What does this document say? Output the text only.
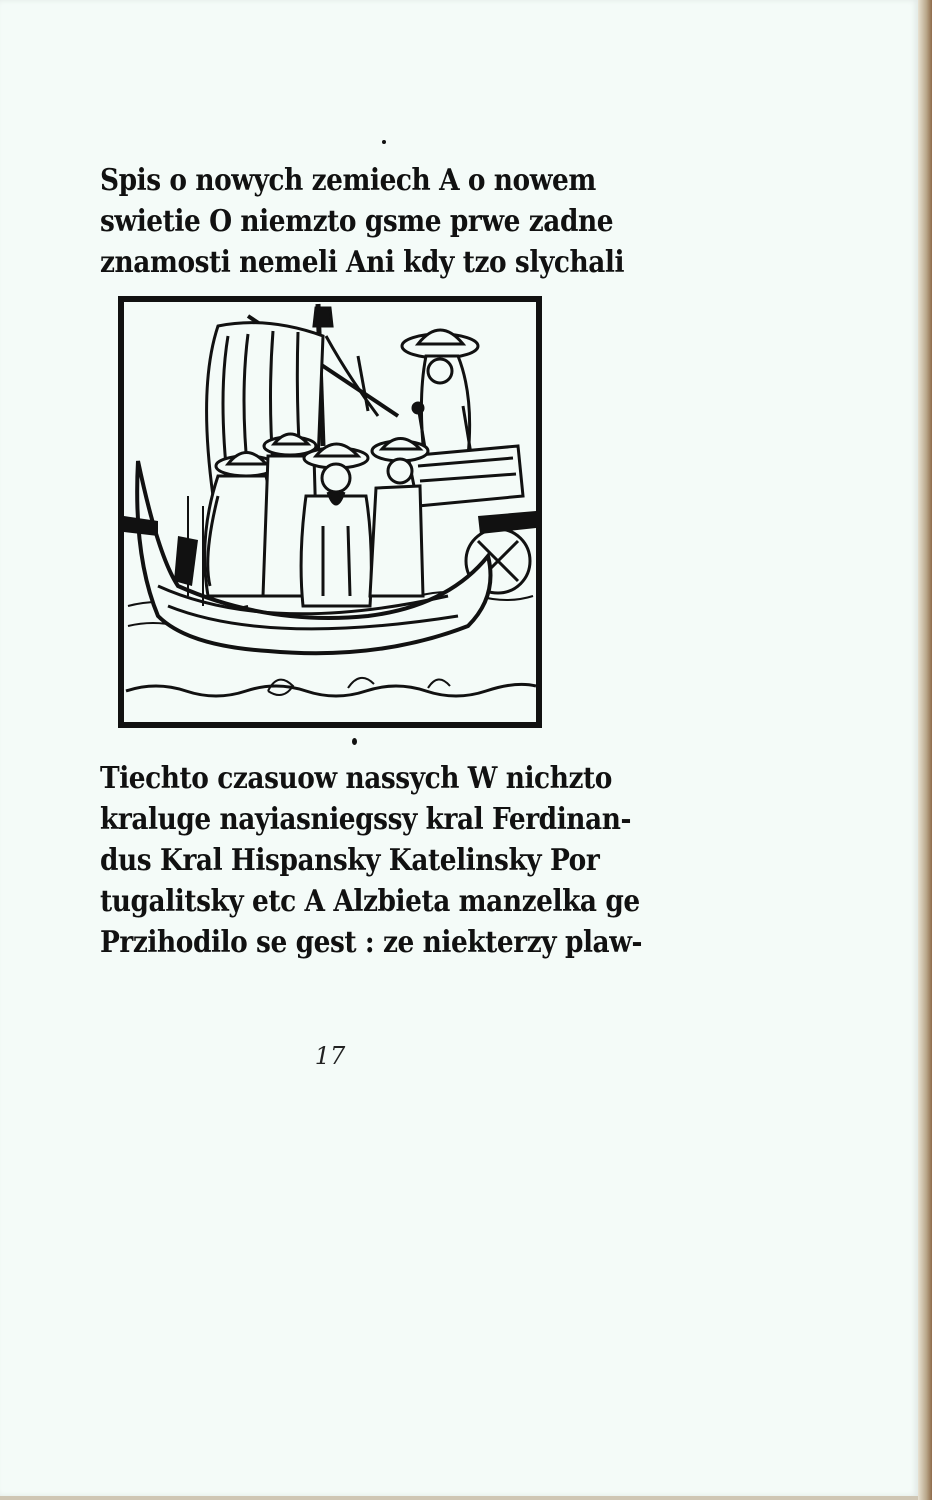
Spis o nowych zemiech A o nowem
swietie O niemzto gsme prwe zadne
znamosti nemeli Ani kdy tzo slychali
Tiechto czasuow nassych W nichzto
kraluge nayiasniegssy kral Ferdinan-
dus Kral Hispansky Katelinsky Por
tugalitsky etc A Alzbieta manzelka ge
Przihodilo se gest : ze niekterzy plaw-
17
